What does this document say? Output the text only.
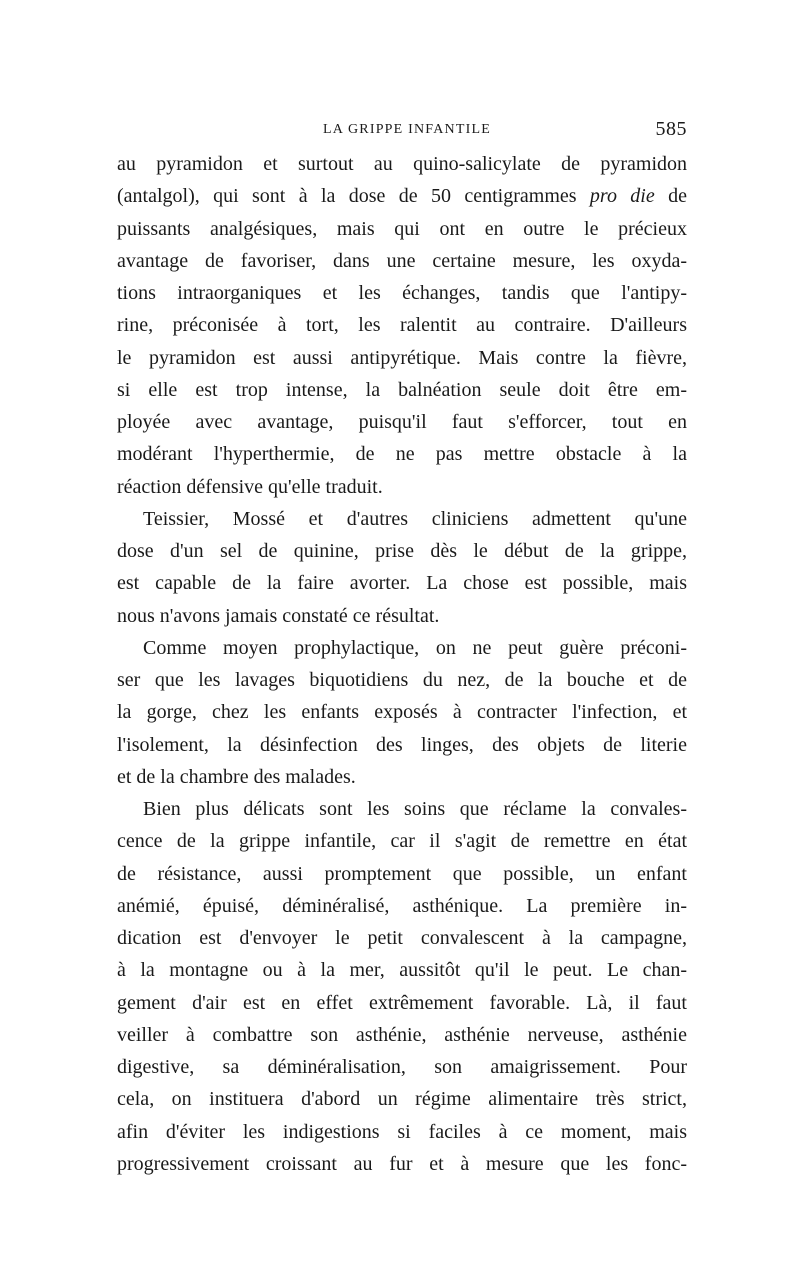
LA GRIPPE INFANTILE	585
au pyramidon et surtout au quino-salicylate de pyramidon
(antalgol), qui sont à la dose de 50 centigrammes pro die de
puissants analgésiques, mais qui ont en outre le précieux
avantage de favoriser, dans une certaine mesure, les oxyda-
tions intraorganiques et les échanges, tandis que l'antipy-
rine, préconisée à tort, les ralentit au contraire. D'ailleurs
le pyramidon est aussi antipyrétique. Mais contre la fièvre,
si elle est trop intense, la balnéation seule doit être em-
ployée avec avantage, puisqu'il faut s'efforcer, tout en
modérant l'hyperthermie, de ne pas mettre obstacle à la
réaction défensive qu'elle traduit.
Teissier, Mossé et d'autres cliniciens admettent qu'une
dose d'un sel de quinine, prise dès le début de la grippe,
est capable de la faire avorter. La chose est possible, mais
nous n'avons jamais constaté ce résultat.
Comme moyen prophylactique, on ne peut guère préconi-
ser que les lavages biquotidiens du nez, de la bouche et de
la gorge, chez les enfants exposés à contracter l'infection, et
l'isolement, la désinfection des linges, des objets de literie
et de la chambre des malades.
Bien plus délicats sont les soins que réclame la convales-
cence de la grippe infantile, car il s'agit de remettre en état
de résistance, aussi promptement que possible, un enfant
anémié, épuisé, déminéralisé, asthénique. La première in-
dication est d'envoyer le petit convalescent à la campagne,
à la montagne ou à la mer, aussitôt qu'il le peut. Le chan-
gement d'air est en effet extrêmement favorable. Là, il faut
veiller à combattre son asthénie, asthénie nerveuse, asthénie
digestive, sa déminéralisation, son amaigrissement. Pour
cela, on instituera d'abord un régime alimentaire très strict,
afin d'éviter les indigestions si faciles à ce moment, mais
progressivement croissant au fur et à mesure que les fonc-
